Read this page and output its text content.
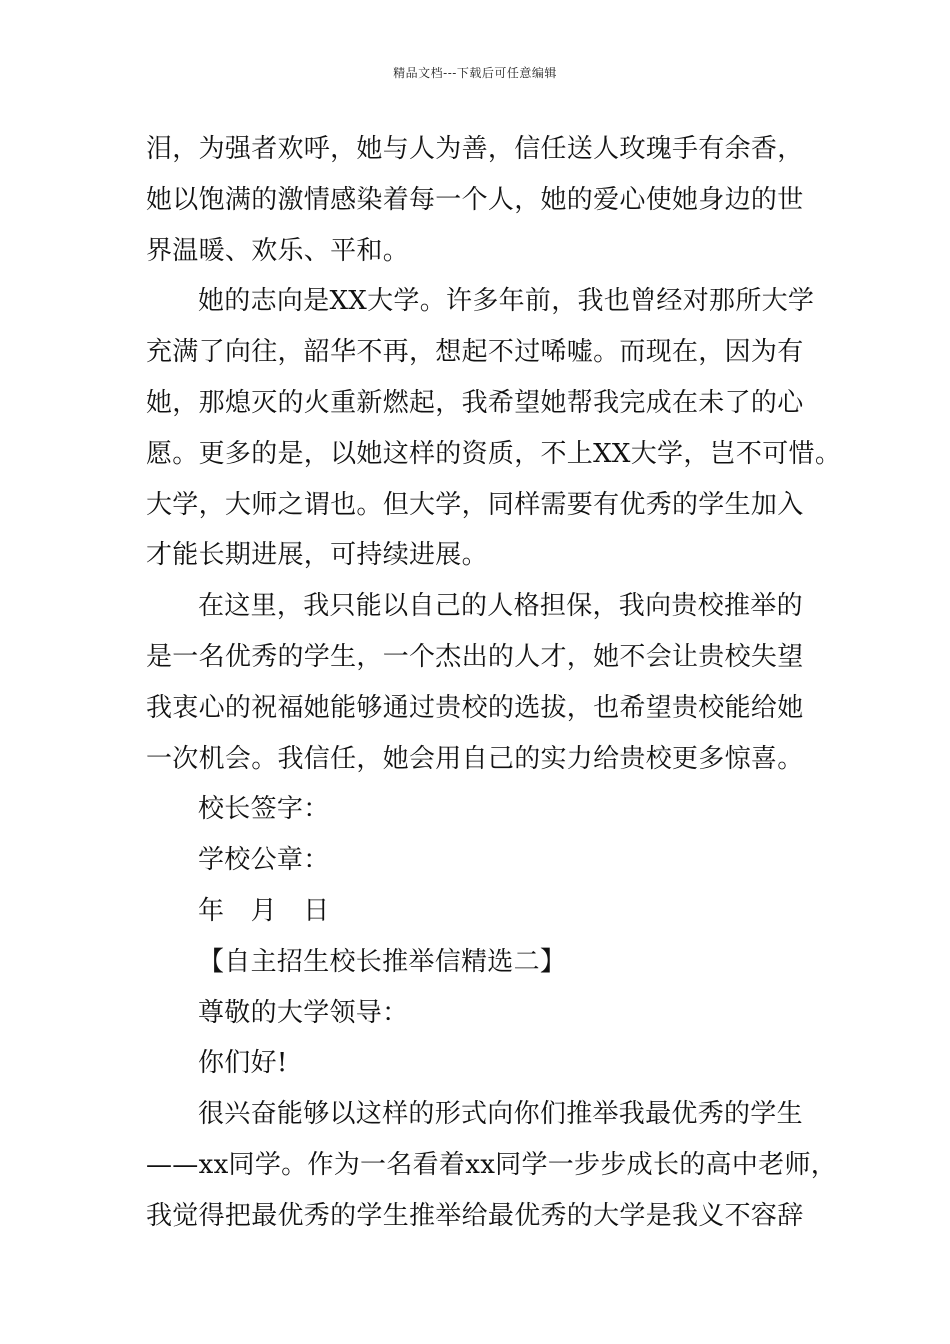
精品文档---下载后可任意编辑
泪，为强者欢呼，她与人为善，信任送人玫瑰手有余香，
她以饱满的激情感染着每一个人，她的爱心使她身边的世
界温暖、欢乐、平和。
她的志向是XX大学。许多年前，我也曾经对那所大学
充满了向往，韶华不再，想起不过唏嘘。而现在，因为有
她，那熄灭的火重新燃起，我希望她帮我完成在未了的心
愿。更多的是，以她这样的资质，不上XX大学，岂不可惜。
大学，大师之谓也。但大学，同样需要有优秀的学生加入
才能长期进展，可持续进展。
在这里，我只能以自己的人格担保，我向贵校推举的
是一名优秀的学生，一个杰出的人才，她不会让贵校失望
我衷心的祝福她能够通过贵校的选拔，也希望贵校能给她
一次机会。我信任，她会用自己的实力给贵校更多惊喜。
校长签字：
学校公章：
年　月　日
【自主招生校长推举信精选二】
尊敬的大学领导：
你们好!
很兴奋能够以这样的形式向你们推举我最优秀的学生
——xx同学。作为一名看着xx同学一步步成长的高中老师，
我觉得把最优秀的学生推举给最优秀的大学是我义不容辞
